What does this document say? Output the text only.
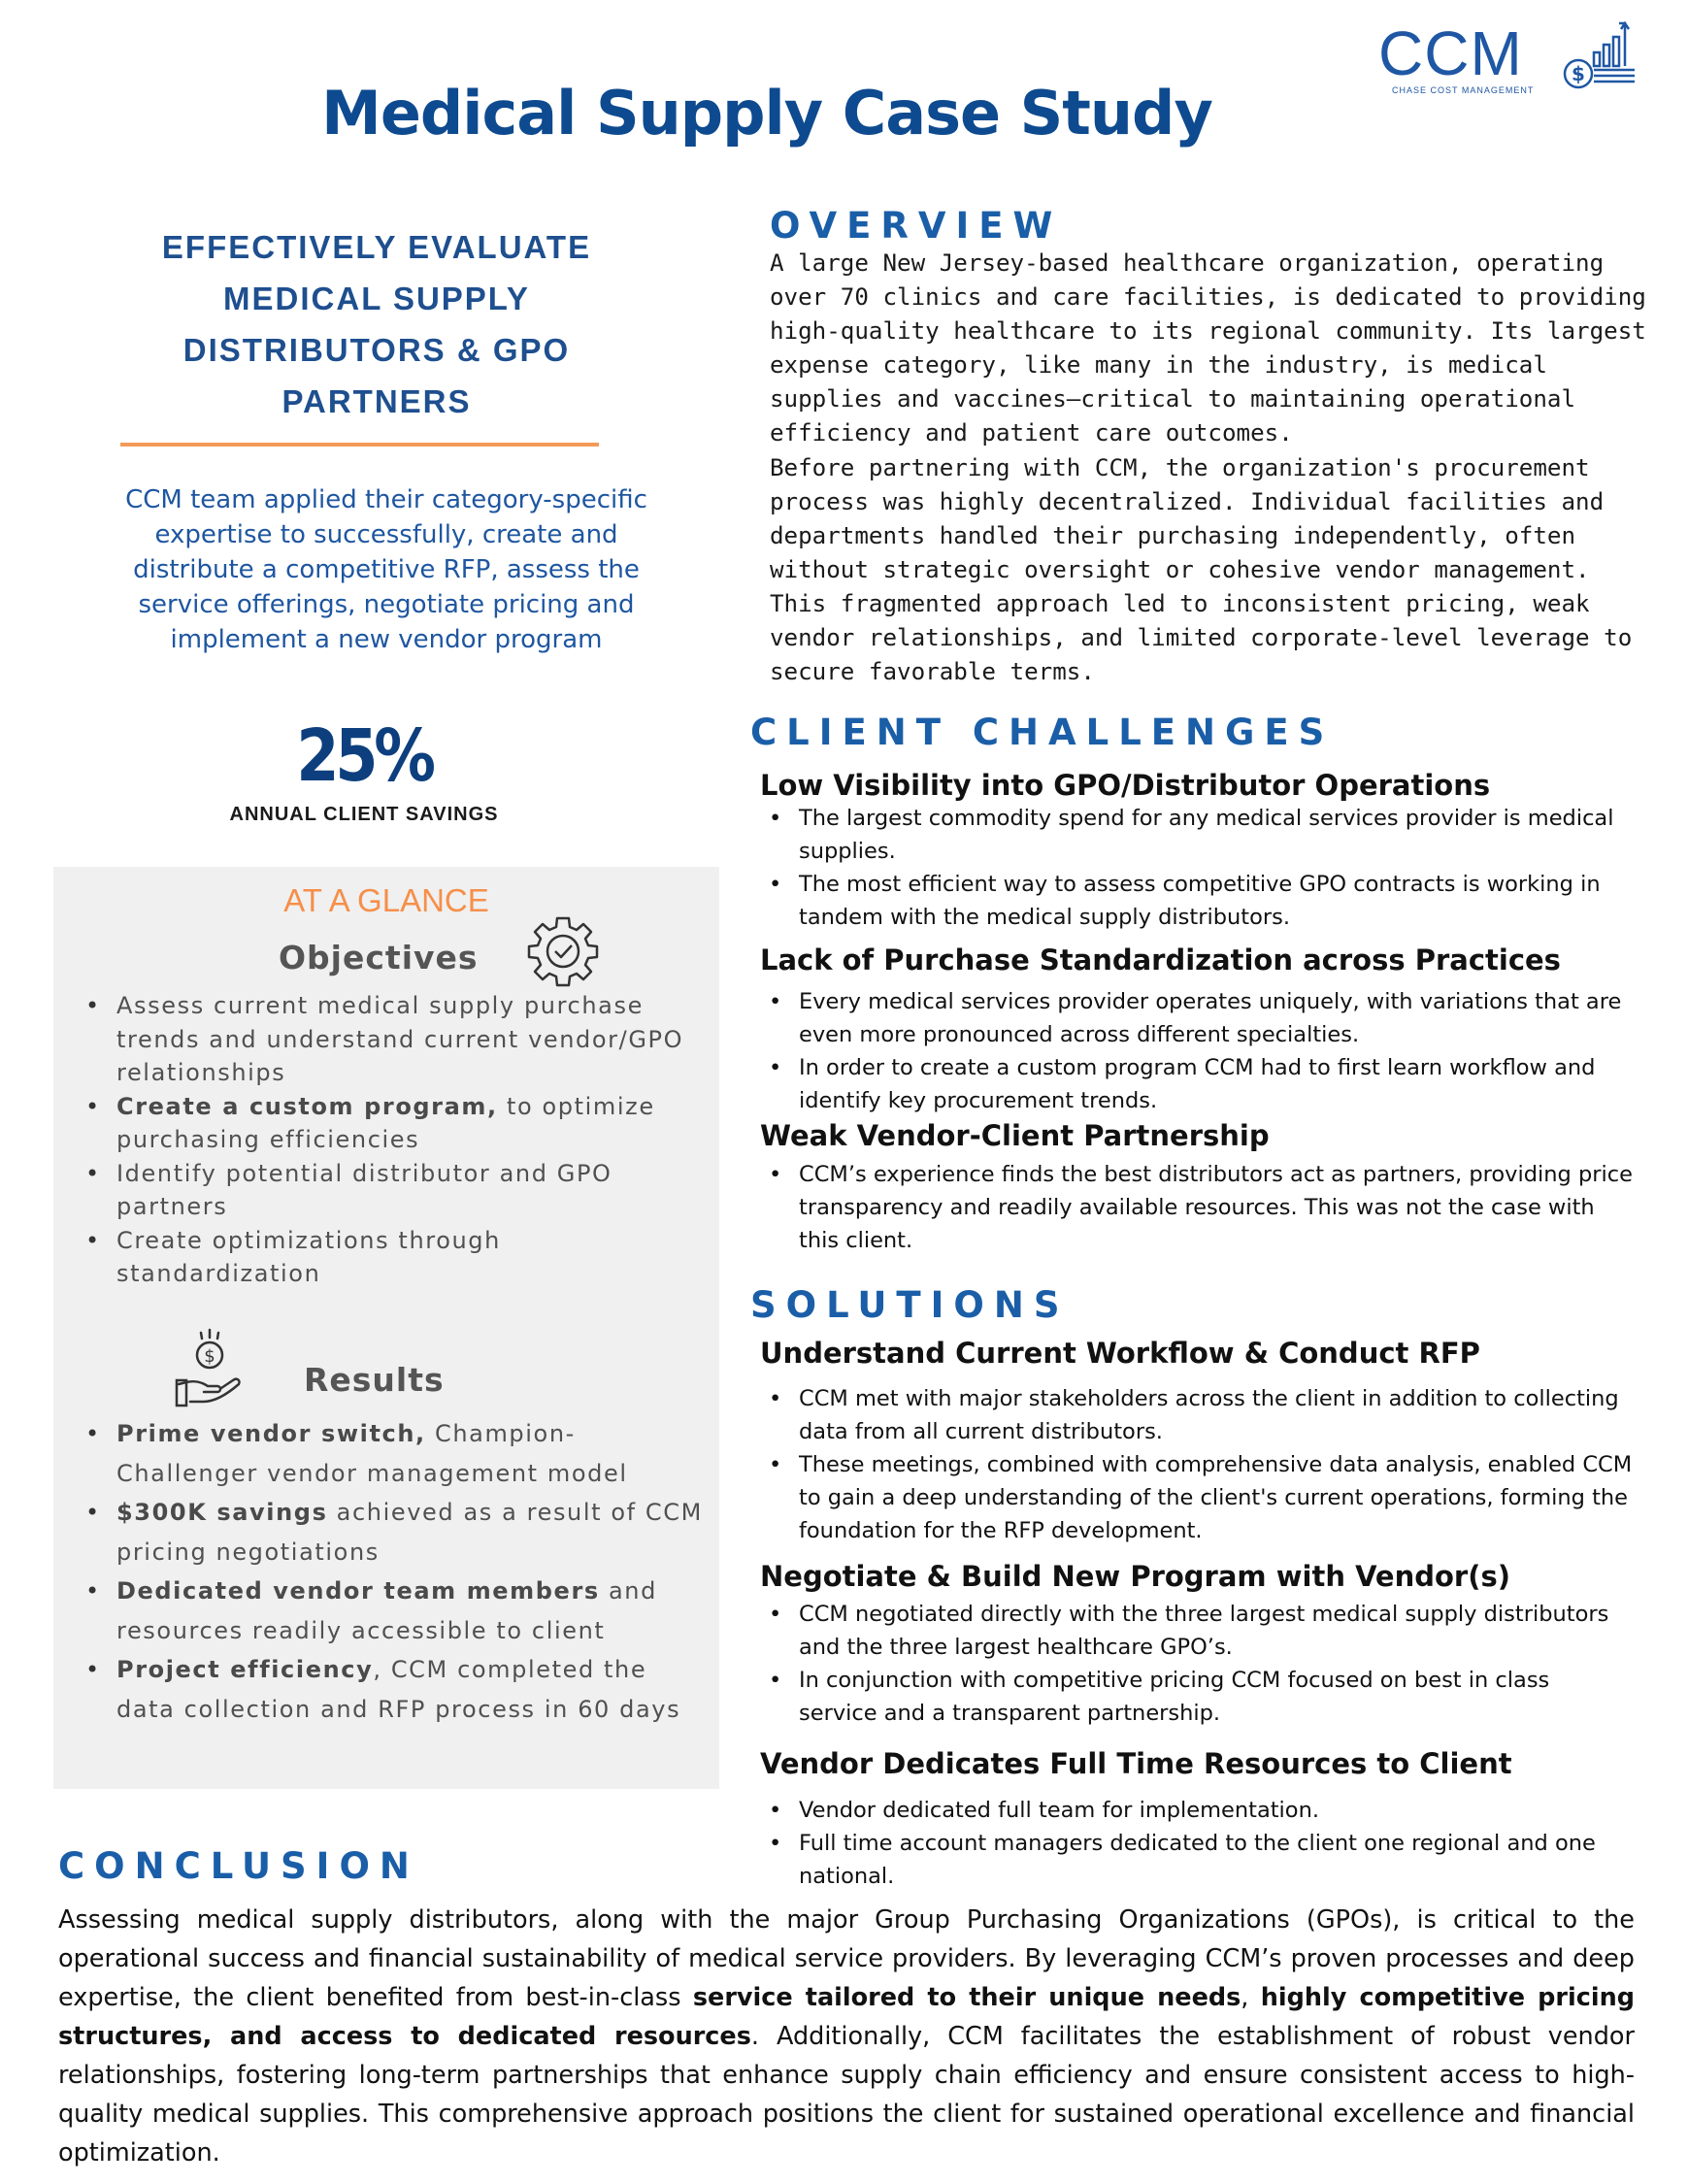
CCM
CHASE COST MANAGEMENT
$
Medical Supply Case Study
EFFECTIVELY EVALUATE
MEDICAL SUPPLY
DISTRIBUTORS & GPO
PARTNERS
CCM team applied their category-specific expertise to successfully, create and distribute a competitive RFP, assess the service offerings, negotiate pricing and implement a new vendor program
25%
ANNUAL CLIENT SAVINGS
AT A GLANCE
Objectives
• Assess current medical supply purchase trends and understand current vendor/GPO relationships
• Create a custom program, to optimize purchasing efficiencies
• Identify potential distributor and GPO partners
• Create optimizations through standardization
$
Results
• Prime vendor switch, Champion-Challenger vendor management model
• $300K savings achieved as a result of CCM pricing negotiations
• Dedicated vendor team members and resources readily accessible to client
• Project efficiency, CCM completed the data collection and RFP process in 60 days
OVERVIEW
A large New Jersey-based healthcare organization, operating over 70 clinics and care facilities, is dedicated to providing high-quality healthcare to its regional community. Its largest expense category, like many in the industry, is medical supplies and vaccines—critical to maintaining operational efficiency and patient care outcomes.
Before partnering with CCM, the organization's procurement process was highly decentralized. Individual facilities and departments handled their purchasing independently, often without strategic oversight or cohesive vendor management. This fragmented approach led to inconsistent pricing, weak vendor relationships, and limited corporate-level leverage to secure favorable terms.
CLIENT CHALLENGES
Low Visibility into GPO/Distributor Operations
• The largest commodity spend for any medical services provider is medical supplies.
• The most efficient way to assess competitive GPO contracts is working in tandem with the medical supply distributors.
Lack of Purchase Standardization across Practices
• Every medical services provider operates uniquely, with variations that are even more pronounced across different specialties.
• In order to create a custom program CCM had to first learn workflow and identify key procurement trends.
Weak Vendor-Client Partnership
• CCM’s experience finds the best distributors act as partners, providing price transparency and readily available resources. This was not the case with this client.
SOLUTIONS
Understand Current Workflow & Conduct RFP
• CCM met with major stakeholders across the client in addition to collecting data from all current distributors.
• These meetings, combined with comprehensive data analysis, enabled CCM to gain a deep understanding of the client's current operations, forming the foundation for the RFP development.
Negotiate & Build New Program with Vendor(s)
• CCM negotiated directly with the three largest medical supply distributors and the three largest healthcare GPO’s.
• In conjunction with competitive pricing CCM focused on best in class service and a transparent partnership.
Vendor Dedicates Full Time Resources to Client
• Vendor dedicated full team for implementation.
• Full time account managers dedicated to the client one regional and one national.
CONCLUSION
Assessing medical supply distributors, along with the major Group Purchasing Organizations (GPOs), is critical to the operational success and financial sustainability of medical service providers. By leveraging CCM’s proven processes and deep expertise, the client benefited from best-in-class service tailored to their unique needs, highly competitive pricing structures, and access to dedicated resources. Additionally, CCM facilitates the establishment of robust vendor relationships, fostering long-term partnerships that enhance supply chain efficiency and ensure consistent access to high-quality medical supplies. This comprehensive approach positions the client for sustained operational excellence and financial optimization.
